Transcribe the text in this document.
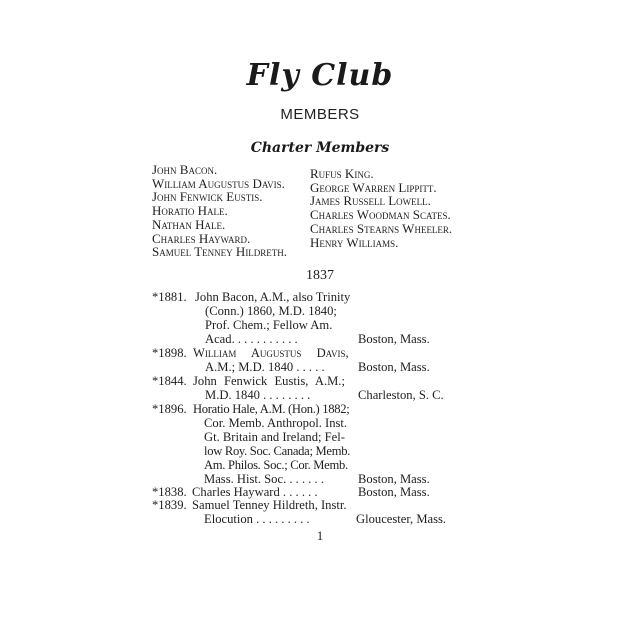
Fly Club
MEMBERS
Charter Members
John Bacon.
William Augustus Davis.
John Fenwick Eustis.
Horatio Hale.
Nathan Hale.
Charles Hayward.
Samuel Tenney Hildreth.
Rufus King.
George Warren Lippitt.
James Russell Lowell.
Charles Woodman Scates.
Charles Stearns Wheeler.
Henry Williams.
1837
*1881. John Bacon, A.M., also Trinity
(Conn.) 1860, M.D. 1840;
Prof. Chem.; Fellow Am.
Acad. . . . . . . . . . .	Boston, Mass.
*1898. William Augustus Davis,
A.M.; M.D. 1840 . . . . .	Boston, Mass.
*1844. John Fenwick Eustis, A.M.;
M.D. 1840 . . . . . . . .	Charleston, S. C.
*1896. Horatio Hale, A.M. (Hon.) 1882;
Cor. Memb. Anthropol. Inst.
Gt. Britain and Ireland; Fel-
low Roy. Soc. Canada; Memb.
Am. Philos. Soc.; Cor. Memb.
Mass. Hist. Soc. . . . . . .	Boston, Mass.
*1838. Charles Hayward . . . . . .	Boston, Mass.
*1839. Samuel Tenney Hildreth, Instr.
Elocution . . . . . . . . .	Gloucester, Mass.
1
